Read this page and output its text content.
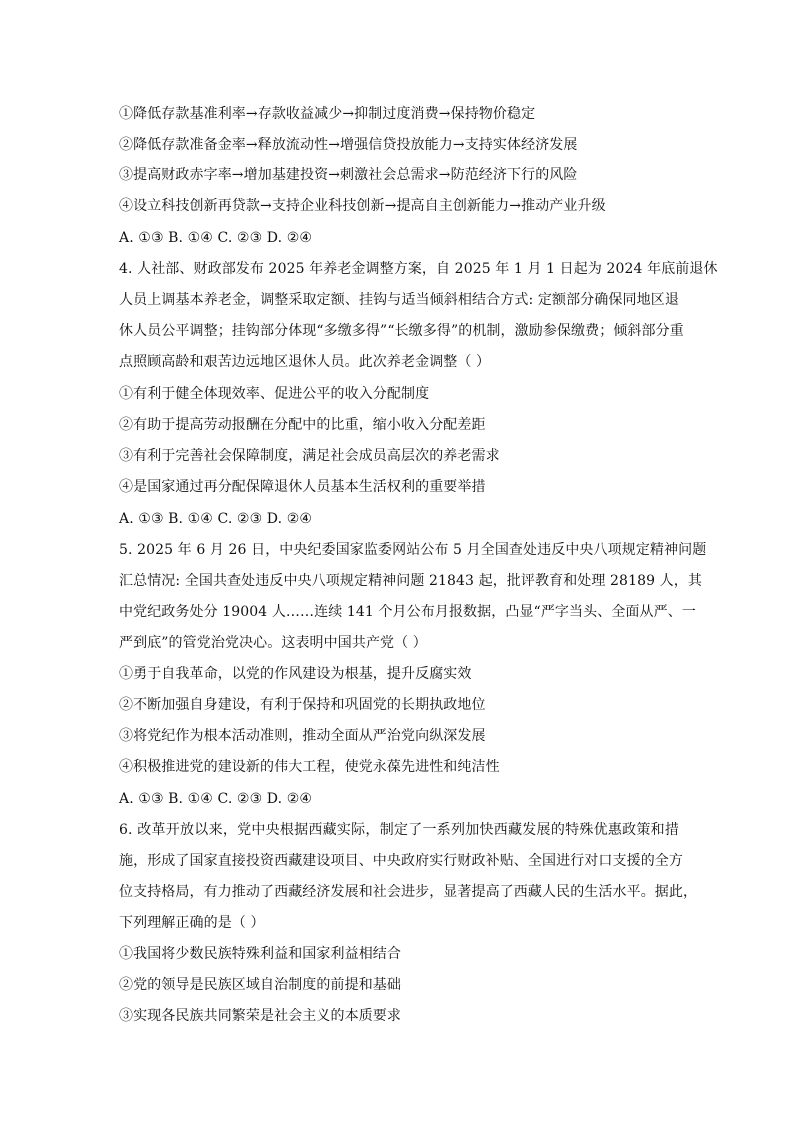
①降低存款基准利率→存款收益减少→抑制过度消费→保持物价稳定
②降低存款准备金率→释放流动性→增强信贷投放能力→支持实体经济发展
③提高财政赤字率→增加基建投资→刺激社会总需求→防范经济下行的风险
④设立科技创新再贷款→支持企业科技创新→提高自主创新能力→推动产业升级
A. ①③ B. ①④ C. ②③ D. ②④
4. 人社部、财政部发布 2025 年养老金调整方案，自 2025 年 1 月 1 日起为 2024 年底前退休
人员上调基本养老金，调整采取定额、挂钩与适当倾斜相结合方式: 定额部分确保同地区退
休人员公平调整；挂钩部分体现“多缴多得”“长缴多得”的机制，激励参保缴费；倾斜部分重
点照顾高龄和艰苦边远地区退休人员。此次养老金调整（ ）
①有利于健全体现效率、促进公平的收入分配制度
②有助于提高劳动报酬在分配中的比重，缩小收入分配差距
③有利于完善社会保障制度，满足社会成员高层次的养老需求
④是国家通过再分配保障退休人员基本生活权利的重要举措
A. ①③ B. ①④ C. ②③ D. ②④
5. 2025 年 6 月 26 日，中央纪委国家监委网站公布 5 月全国查处违反中央八项规定精神问题
汇总情况: 全国共查处违反中央八项规定精神问题 21843 起，批评教育和处理 28189 人，其
中党纪政务处分 19004 人……连续 141 个月公布月报数据，凸显“严字当头、全面从严、一
严到底”的管党治党决心。这表明中国共产党（ ）
①勇于自我革命，以党的作风建设为根基，提升反腐实效
②不断加强自身建设，有利于保持和巩固党的长期执政地位
③将党纪作为根本活动准则，推动全面从严治党向纵深发展
④积极推进党的建设新的伟大工程，使党永葆先进性和纯洁性
A. ①③ B. ①④ C. ②③ D. ②④
6. 改革开放以来，党中央根据西藏实际，制定了一系列加快西藏发展的特殊优惠政策和措
施，形成了国家直接投资西藏建设项目、中央政府实行财政补贴、全国进行对口支援的全方
位支持格局，有力推动了西藏经济发展和社会进步，显著提高了西藏人民的生活水平。据此，
下列理解正确的是（ ）
①我国将少数民族特殊利益和国家利益相结合
②党的领导是民族区域自治制度的前提和基础
③实现各民族共同繁荣是社会主义的本质要求
